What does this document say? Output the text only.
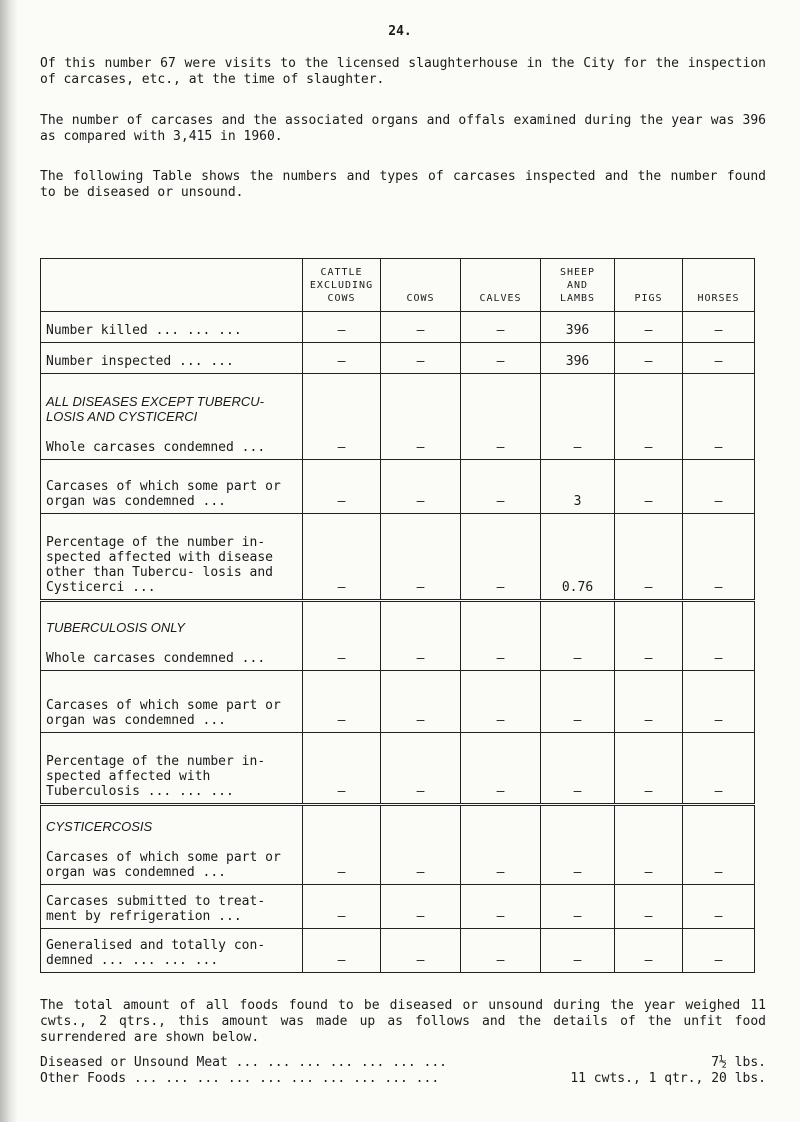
24.

Of this number 67 were visits to the licensed slaughterhouse in the City for the inspection of carcases, etc., at the time of slaughter.

The number of carcases and the associated organs and offals examined during the year was 396 as compared with 3,415 in 1960.

The following Table shows the numbers and types of carcases inspected and the number found to be diseased or unsound.

	CATTLE EXCLUDING COWS	COWS	CALVES	SHEEP AND LAMBS	PIGS	HORSES
Number killed ... ... ...	–	–	–	396	–	–
Number inspected ... ...	–	–	–	396	–	–

ALL DISEASES EXCEPT TUBERCU- LOSIS AND CYSTICERCI
Whole carcases condemned ...	–	–	–	–	–	–
Carcases of which some part or organ was condemned ...	–	–	–	3	–	–
Percentage of the number in- spected affected with disease other than Tubercu- losis and Cysticerci ...	–	–	–	0.76	–	–

TUBERCULOSIS ONLY
Whole carcases condemned ...	–	–	–	–	–	–
Carcases of which some part or organ was condemned ...	–	–	–	–	–	–
Percentage of the number in- spected affected with Tuberculosis ... ... ...	–	–	–	–	–	–

CYSTICERCOSIS
Carcases of which some part or organ was condemned ...	–	–	–	–	–	–
Carcases submitted to treat- ment by refrigeration ...	–	–	–	–	–	–
Generalised and totally con- demned ... ... ... ...	–	–	–	–	–	–

The total amount of all foods found to be diseased or unsound during the year weighed 11 cwts., 2 qtrs., this amount was made up as follows and the details of the unfit food surrendered are shown below.

Diseased or Unsound Meat ... ... ... ... ... ... ...	7½ lbs.
Other Foods ... ... ... ... ... ... ... ... ... ...	11 cwts., 1 qtr., 20 lbs.
